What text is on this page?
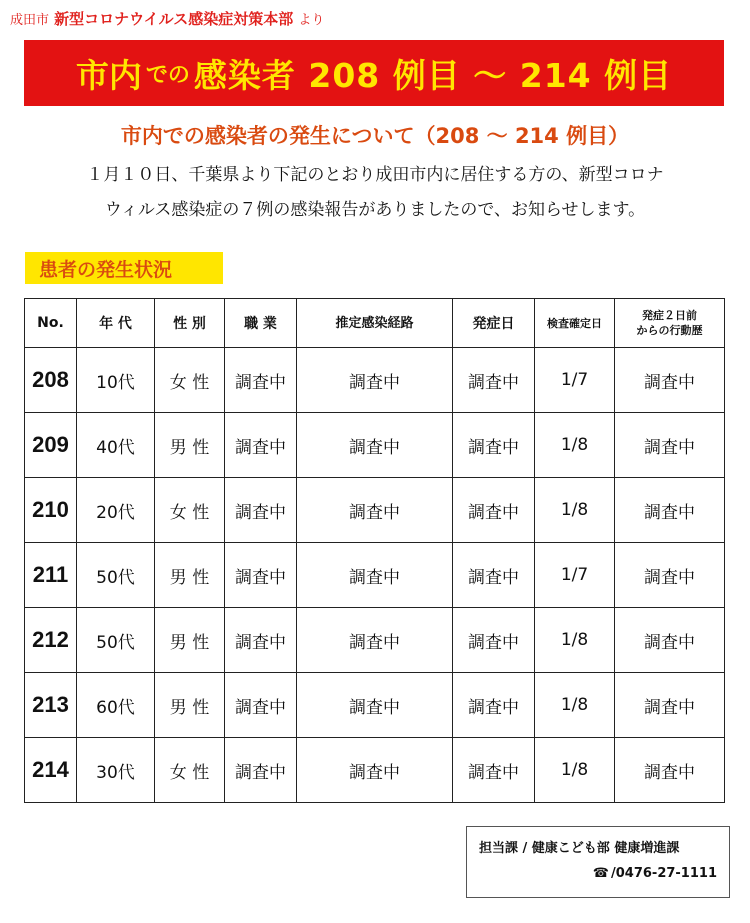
成田市 新型コロナウイルス感染症対策本部 より
市内 での 感染者 208 例目 ～ 214 例目
市内での感染者の発生について（208 ～ 214 例目）

１月１０日、千葉県より下記のとおり成田市内に居住する方の、新型コロナ

ウィルス感染症の７例の感染報告がありましたので、お知らせします。

患者の発生状況
No.	年 代	性 別	職 業	推定感染経路	発症日	検査確定日	発症２日前
からの行動歴

208	10代	女 性	調査中	調査中	調査中	1/7	調査中
209	40代	男 性	調査中	調査中	調査中	1/8	調査中
210	20代	女 性	調査中	調査中	調査中	1/8	調査中
211	50代	男 性	調査中	調査中	調査中	1/7	調査中
212	50代	男 性	調査中	調査中	調査中	1/8	調査中
213	60代	男 性	調査中	調査中	調査中	1/8	調査中
214	30代	女 性	調査中	調査中	調査中	1/8	調査中
担当課 / 健康こども部 健康増進課
☎ /0476-27-1111
